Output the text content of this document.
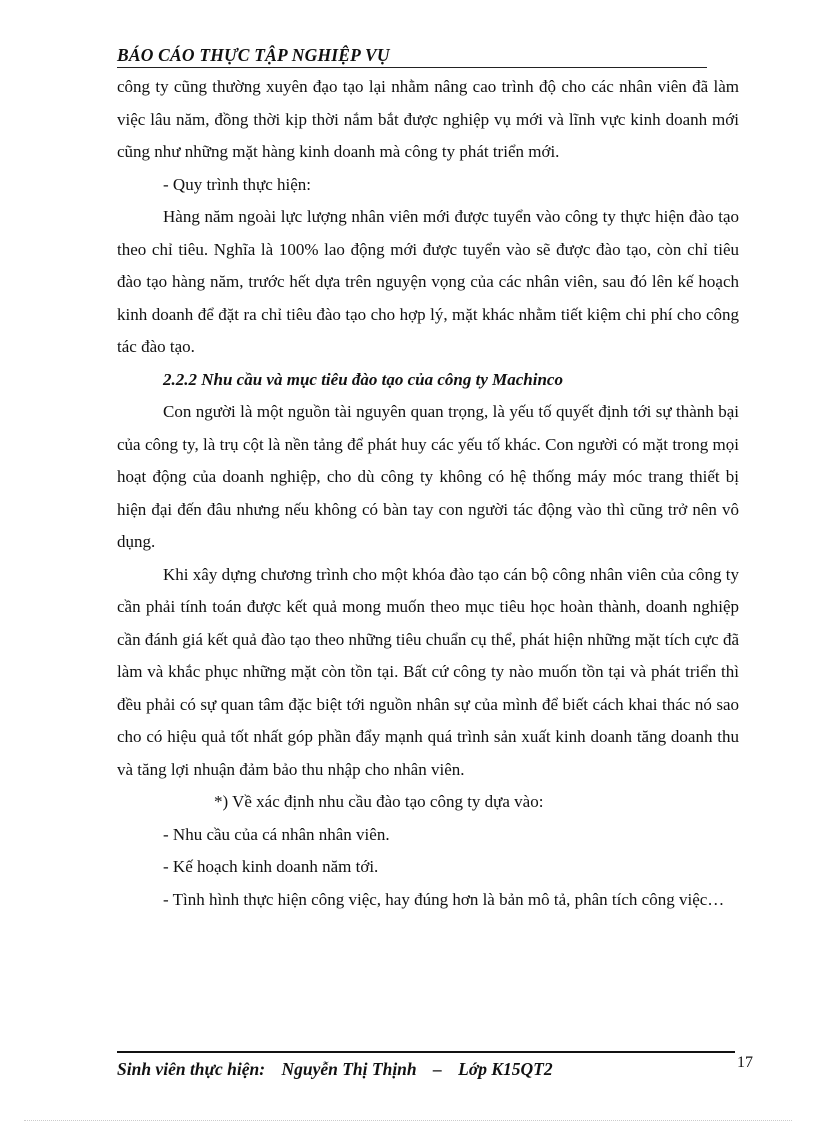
BÁO CÁO THỰC TẬP NGHIỆP VỤ

công ty cũng thường xuyên đạo tạo lại nhằm nâng cao trình độ cho các nhân viên đã làm việc lâu năm, đồng thời kịp thời nắm bắt được nghiệp vụ mới và lĩnh vực kinh doanh mới cũng như những mặt hàng kinh doanh mà công ty phát triển mới.

- Quy trình thực hiện:

Hàng năm ngoài lực lượng nhân viên mới được tuyển vào công ty thực hiện đào tạo theo chỉ tiêu. Nghĩa là 100% lao động mới được tuyển vào sẽ được đào tạo, còn chỉ tiêu đào tạo hàng năm, trước hết dựa trên nguyện vọng của các nhân viên, sau đó lên kế hoạch kinh doanh để đặt ra chỉ tiêu đào tạo cho hợp lý, mặt khác nhằm tiết kiệm chi phí cho công tác đào tạo.

2.2.2 Nhu cầu và mục tiêu đào tạo của công ty Machinco

Con người là một nguồn tài nguyên quan trọng, là yếu tố quyết định tới sự thành bại của công ty, là trụ cột là nền tảng để phát huy các yếu tố khác. Con người có mặt trong mọi hoạt động của doanh nghiệp, cho dù công ty không có hệ thống máy móc trang thiết bị hiện đại đến đâu nhưng nếu không có bàn tay con người tác động vào thì cũng trở nên vô dụng.

Khi xây dựng chương trình cho một khóa đào tạo cán bộ công nhân viên của công ty cần phải tính toán được kết quả mong muốn theo mục tiêu học hoàn thành, doanh nghiệp cần đánh giá kết quả đào tạo theo những tiêu chuẩn cụ thể, phát hiện những mặt tích cực đã làm và khắc phục những mặt còn tồn tại. Bất cứ công ty nào muốn tồn tại và phát triển thì đều phải có sự quan tâm đặc biệt tới nguồn nhân sự của mình để biết cách khai thác nó sao cho có hiệu quả tốt nhất góp phần đẩy mạnh quá trình sản xuất kinh doanh tăng doanh thu và tăng lợi nhuận đảm bảo thu nhập cho nhân viên.

*) Về xác định nhu cầu đào tạo công ty dựa vào:

- Nhu cầu của cá nhân nhân viên.

- Kế hoạch kinh doanh năm tới.

- Tình hình thực hiện công việc, hay đúng hơn là bản mô tả, phân tích công việc…

Sinh viên thực hiện: Nguyễn Thị Thịnh – Lớp K15QT2	17
